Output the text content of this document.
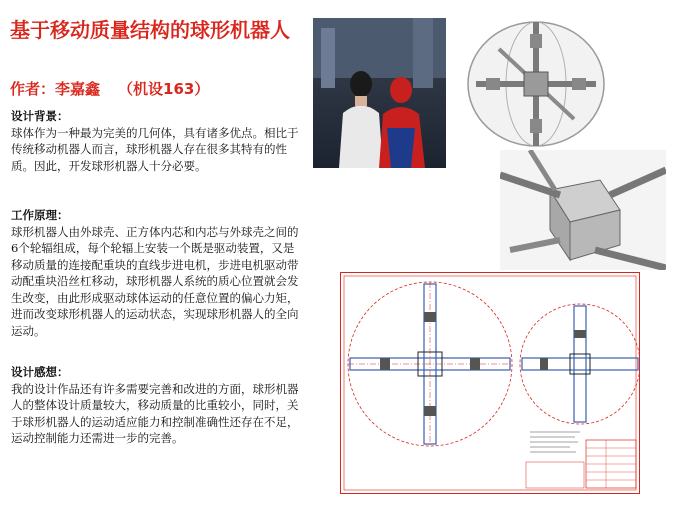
基于移动质量结构的球形机器人
作者：李嘉鑫 （机设163）
设计背景：

球体作为一种最为完美的几何体，具有诸多优点。相比于传统移动机器人而言，球形机器人存在很多其特有的性质。因此，开发球形机器人十分必要。

工作原理：

球形机器人由外球壳、正方体内芯和内芯与外球壳之间的6个轮辐组成，每个轮辐上安装一个既是驱动装置，又是移动质量的连接配重块的直线步进电机，步进电机驱动带动配重块沿丝杠移动，球形机器人系统的质心位置就会发生改变，由此形成驱动球体运动的任意位置的偏心力矩，进而改变球形机器人的运动状态，实现球形机器人的全向运动。

设计感想：

我的设计作品还有许多需要完善和改进的方面，球形机器人的整体设计质量较大，移动质量的比重较小，同时，关于球形机器人的运动适应能力和控制准确性还存在不足，运动控制能力还需进一步的完善。
